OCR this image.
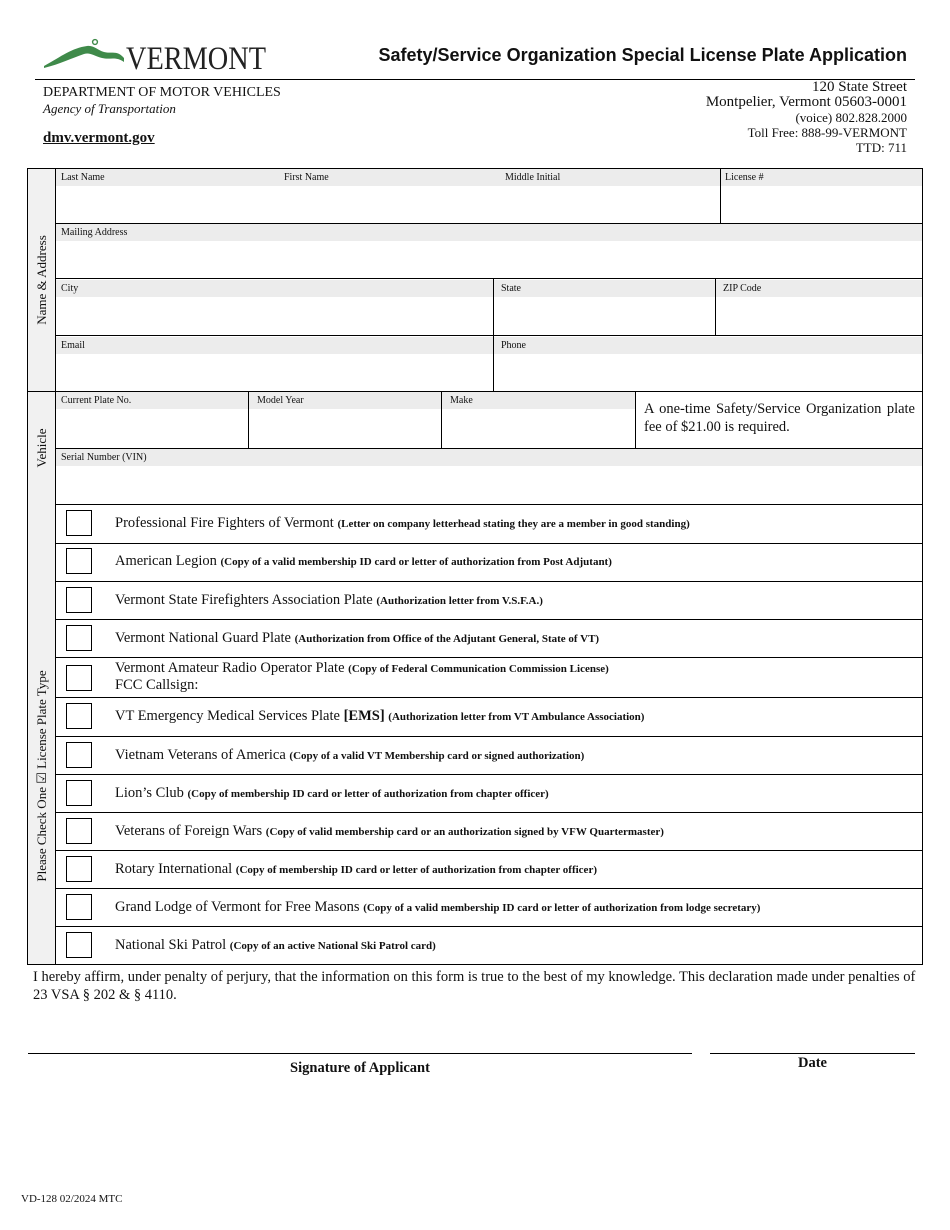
VERMONT	Safety/Service Organization Special License Plate Application
DEPARTMENT OF MOTOR VEHICLES
Agency of Transportation
dmv.vermont.gov
120 State Street
Montpelier, Vermont 05603-0001
(voice) 802.828.2000
Toll Free: 888-99-VERMONT
TTD: 711
Name & Address
Vehicle
Please Check One ☑ License Plate Type
Last Name	First Name	Middle Initial	License #
Mailing Address
City	State	ZIP Code
Email	Phone
Current Plate No.	Model Year	Make
A one-time Safety/Service Organization plate fee of $21.00 is required.
Serial Number (VIN)
Professional Fire Fighters of Vermont (Letter on company letterhead stating they are a member in good standing)
American Legion (Copy of a valid membership ID card or letter of authorization from Post Adjutant)
Vermont State Firefighters Association Plate (Authorization letter from V.S.F.A.)
Vermont National Guard Plate (Authorization from Office of the Adjutant General, State of VT)
Vermont Amateur Radio Operator Plate (Copy of Federal Communication Commission License)
FCC Callsign:
VT Emergency Medical Services Plate [EMS] (Authorization letter from VT Ambulance Association)
Vietnam Veterans of America (Copy of a valid VT Membership card or signed authorization)
Lion’s Club (Copy of membership ID card or letter of authorization from chapter officer)
Veterans of Foreign Wars (Copy of valid membership card or an authorization signed by VFW Quartermaster)
Rotary International (Copy of membership ID card or letter of authorization from chapter officer)
Grand Lodge of Vermont for Free Masons (Copy of a valid membership ID card or letter of authorization from lodge secretary)
National Ski Patrol (Copy of an active National Ski Patrol card)
I hereby affirm, under penalty of perjury, that the information on this form is true to the best of my knowledge. This declaration made under penalties of 23 VSA § 202 & § 4110.
Signature of Applicant	Date
VD-128 02/2024 MTC
